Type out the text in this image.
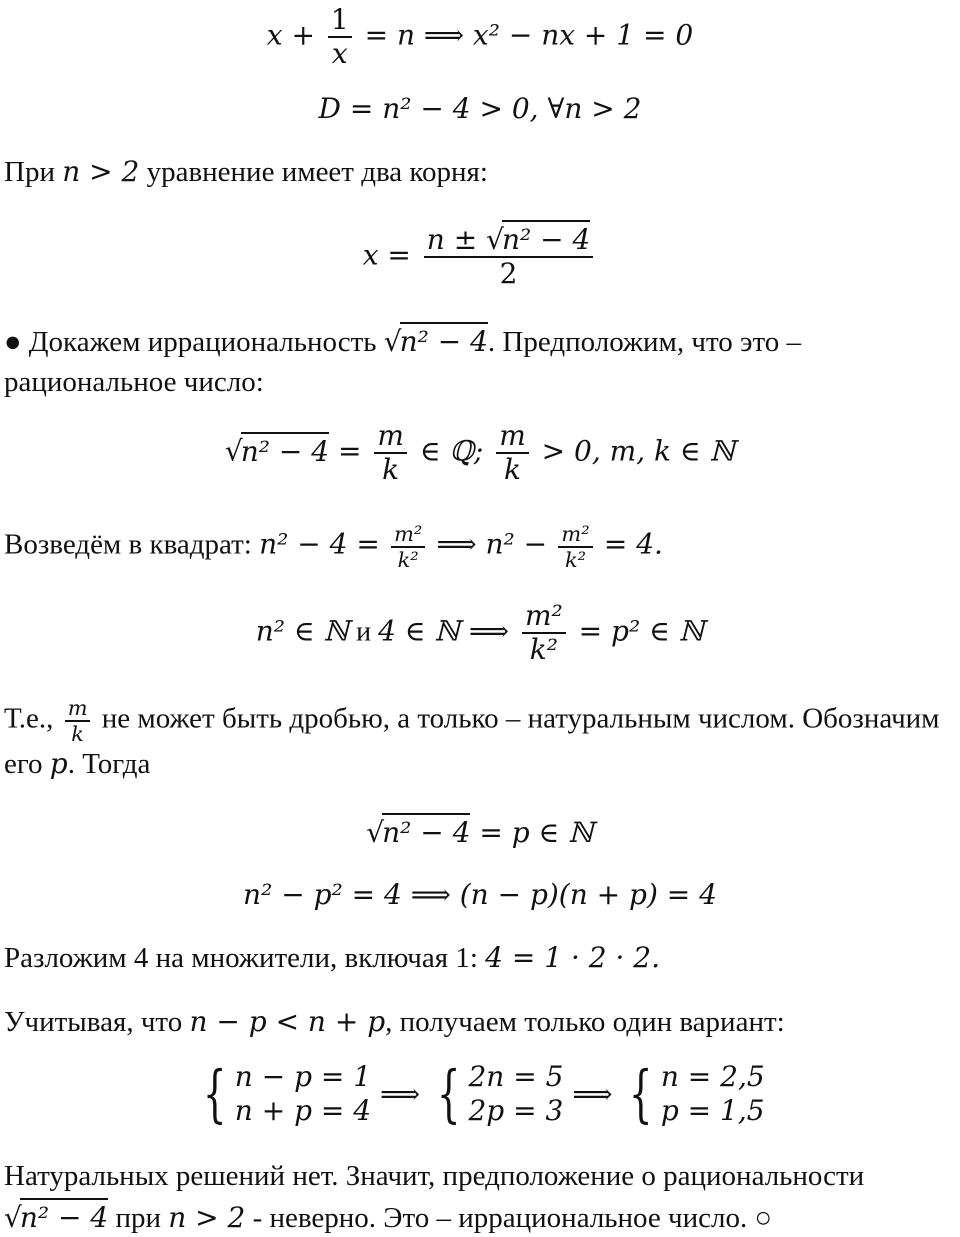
$x + \frac{1}{x} = n$ ⟹ x² − nx + 1 = 0
D = n² − 4 > 0, ∀n > 2
При n > 2 уравнение имеет два корня:
$x = \frac{\text{n ± √n² − 4}}{2}$
● Докажем иррациональность √n² − 4. Предположим, что это –
рациональное число:
$√n^2 - 4 = \frac{m}{k}$ ∈ ℚ; $\frac{m}{k} > 0$, m, k ∈ ℕ
Возведём в квадрат: $n^2 - 4 = \frac{\text{m²}}{\text{k²}}$ ⟹ $n^2 - \frac{\text{m²}}{\text{k²}} = 4$.
n² ∈ ℕ и 4 ∈ ℕ ⟹ $\frac{\text{m²}}{\text{k²}} = p^2$ ∈ ℕ
Т.е., $\frac{m}{k}$ не может быть дробью, а только – натуральным числом. Обозначим
его p. Тогда
√n² − 4 = p ∈ ℕ
n² − p² = 4 ⟹ (n − p)(n + p) = 4
Разложим 4 на множители, включая 1: 4 = 1 · 2 · 2.
Учитывая, что n − p < n + p, получаем только один вариант:
{ n − p = 1
n + p = 4 ⟹ { 2n = 5
2p = 3 ⟹ { n = 2,5
p = 1,5
Натуральных решений нет. Значит, предположение о рациональности
√n² − 4 при n > 2 - неверно. Это – иррациональное число. ○
